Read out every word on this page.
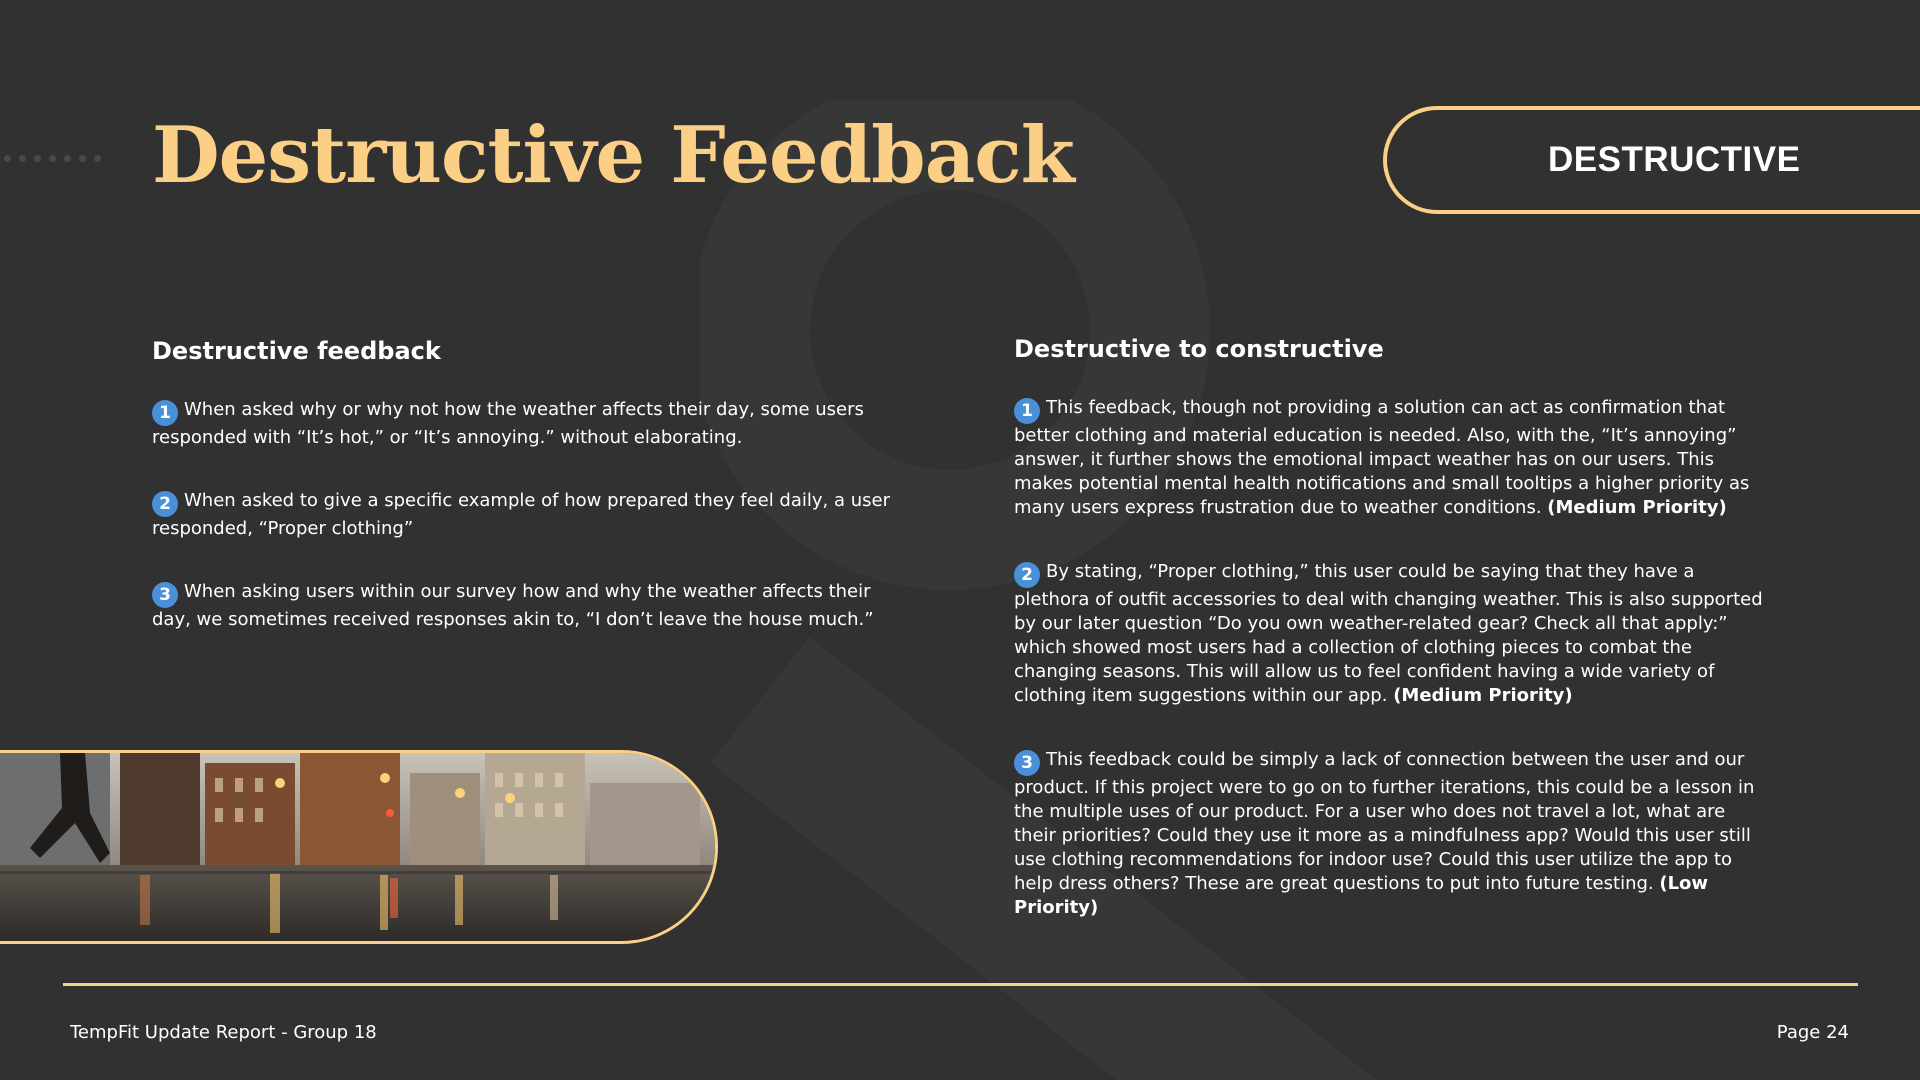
Destructive Feedback	DESTRUCTIVE
Destructive feedback

1 When asked why or why not how the weather affects their day, some users responded with “It’s hot,” or “It’s annoying.” without elaborating.

2 When asked to give a specific example of how prepared they feel daily, a user responded, “Proper clothing”

3 When asking users within our survey how and why the weather affects their day, we sometimes received responses akin to, “I don’t leave the house much.”

Destructive to constructive

1 This feedback, though not providing a solution can act as confirmation that better clothing and material education is needed. Also, with the, “It’s annoying” answer, it further shows the emotional impact weather has on our users. This makes potential mental health notifications and small tooltips a higher priority as many users express frustration due to weather conditions. (Medium Priority)

2 By stating, “Proper clothing,” this user could be saying that they have a plethora of outfit accessories to deal with changing weather. This is also supported by our later question “Do you own weather-related gear? Check all that apply:” which showed most users had a collection of clothing pieces to combat the changing seasons. This will allow us to feel confident having a wide variety of clothing item suggestions within our app. (Medium Priority)

3 This feedback could be simply a lack of connection between the user and our product. If this project were to go on to further iterations, this could be a lesson in the multiple uses of our product. For a user who does not travel a lot, what are their priorities? Could they use it more as a mindfulness app? Would this user still use clothing recommendations for indoor use? Could this user utilize the app to help dress others? These are great questions to put into future testing. (Low Priority)

TempFit Update Report - Group 18	Page 24
